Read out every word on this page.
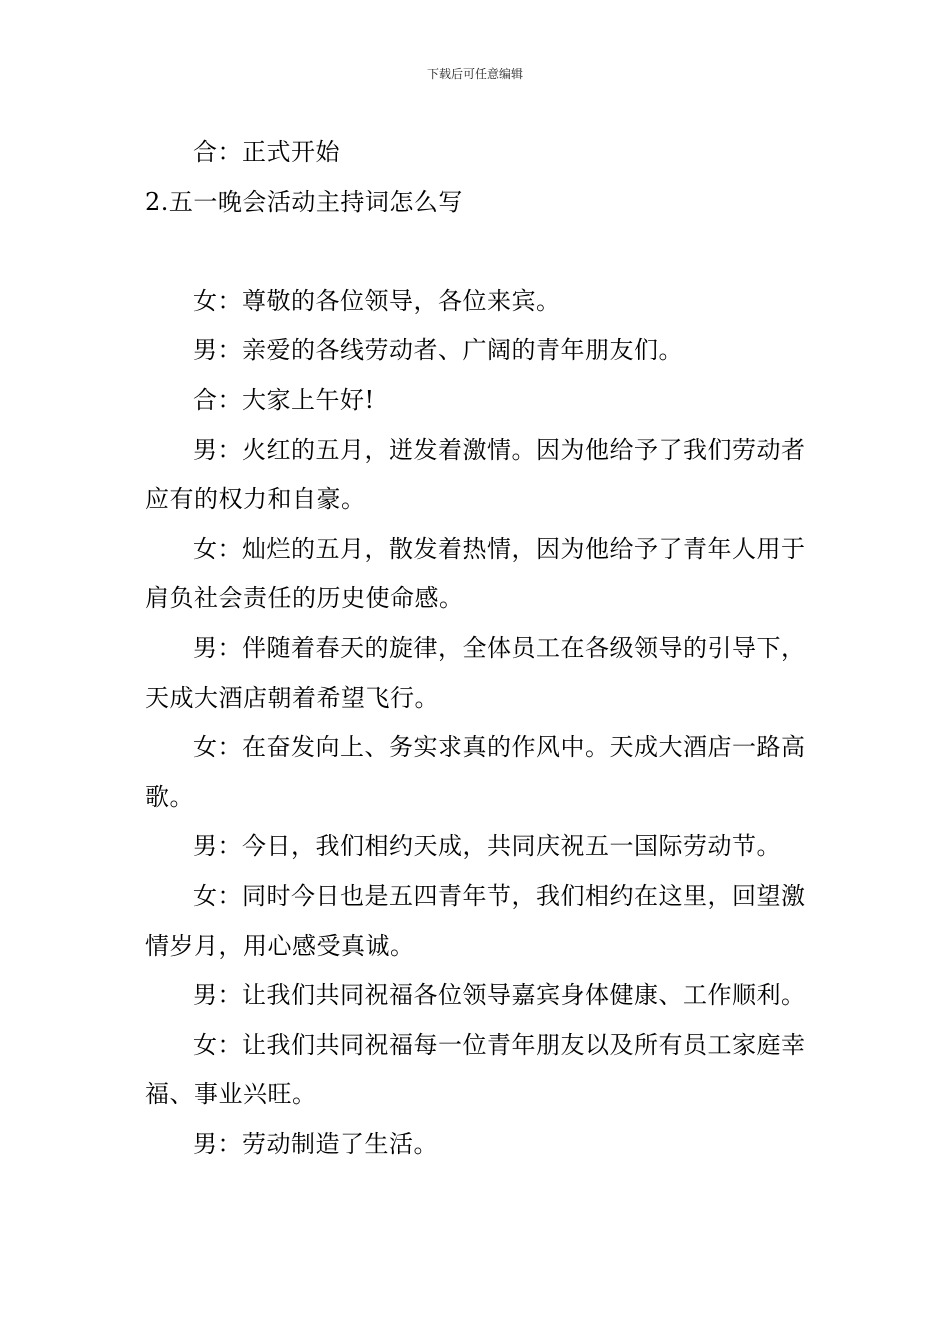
下载后可任意编辑

合：正式开始

2.五一晚会活动主持词怎么写

女：尊敬的各位领导，各位来宾。

男：亲爱的各线劳动者、广阔的青年朋友们。

合：大家上午好!

男：火红的五月，迸发着激情。因为他给予了我们劳动者应有的权力和自豪。

女：灿烂的五月，散发着热情，因为他给予了青年人用于肩负社会责任的历史使命感。

男：伴随着春天的旋律，全体员工在各级领导的引导下，天成大酒店朝着希望飞行。

女：在奋发向上、务实求真的作风中。天成大酒店一路高歌。

男：今日，我们相约天成，共同庆祝五一国际劳动节。

女：同时今日也是五四青年节，我们相约在这里，回望激情岁月，用心感受真诚。

男：让我们共同祝福各位领导嘉宾身体健康、工作顺利。

女：让我们共同祝福每一位青年朋友以及所有员工家庭幸福、事业兴旺。

男：劳动制造了生活。
